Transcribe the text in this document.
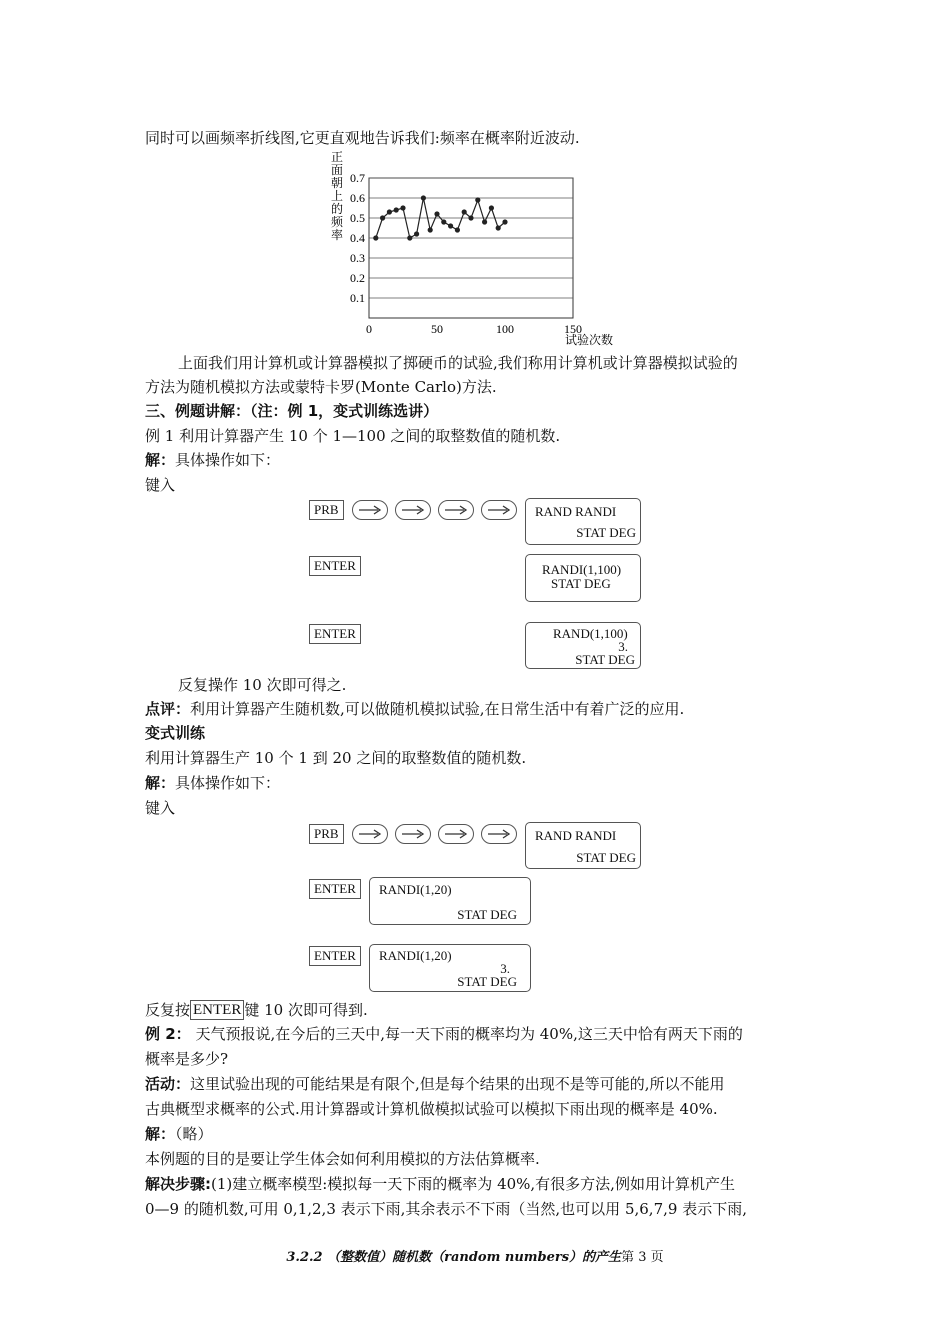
同时可以画频率折线图,它更直观地告诉我们:频率在概率附近波动.
正
面
朝
上
的
频
率
0.1
0.2
0.3
0.4
0.5
0.6
0.7
0	50	100	150
试验次数
上面我们用计算机或计算器模拟了掷硬币的试验,我们称用计算机或计算器模拟试验的
方法为随机模拟方法或蒙特卡罗(Monte Carlo)方法.
三、例题讲解：（注：例 1，变式训练选讲）
例 1 利用计算器产生 10 个 1—100 之间的取整数值的随机数.
解：具体操作如下：
键入
PRB	RAND RANDI
STAT DEG
ENTER	RANDI(1,100)
STAT DEG
ENTER	RAND(1,100)
3.
STAT DEG
反复操作 10 次即可得之.
点评：利用计算器产生随机数,可以做随机模拟试验,在日常生活中有着广泛的应用.
变式训练
利用计算器生产 10 个 1 到 20 之间的取整数值的随机数.
解：具体操作如下：
键入
PRB	RAND RANDI
STAT DEG
ENTER	RANDI(1,20)
STAT DEG
ENTER	RANDI(1,20)
3.
STAT DEG
反复按 ENTER 键 10 次即可得到.
例 2： 天气预报说,在今后的三天中,每一天下雨的概率均为 40%,这三天中恰有两天下雨的
概率是多少?
活动：这里试验出现的可能结果是有限个,但是每个结果的出现不是等可能的,所以不能用
古典概型求概率的公式.用计算器或计算机做模拟试验可以模拟下雨出现的概率是 40%.
解：（略）
本例题的目的是要让学生体会如何利用模拟的方法估算概率.
解决步骤:(1)建立概率模型:模拟每一天下雨的概率为 40%,有很多方法,例如用计算机产生
0—9 的随机数,可用 0,1,2,3 表示下雨,其余表示不下雨（当然,也可以用 5,6,7,9 表示下雨,
3.2.2 （整数值）随机数（random numbers）的产生第 3 页
